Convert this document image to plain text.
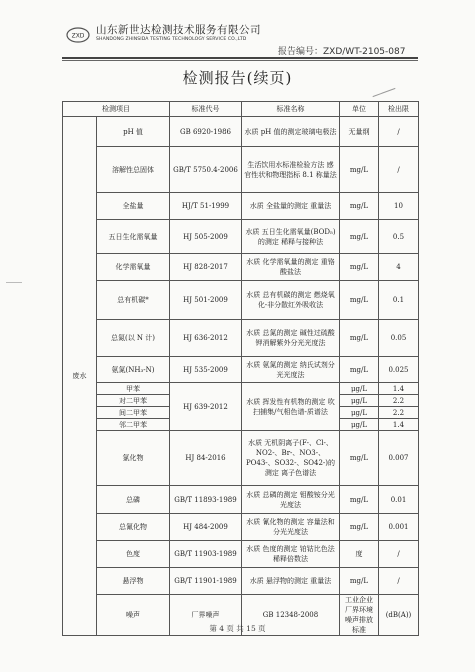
ZXD 山东新世达检测技术服务有限公司
SHANDONG ZHINSIDA TESTING TECHNOLOGY SERVICE CO.,LTD
报告编号：ZXD/WT-2105-087
检测报告(续页)
检测项目		标准代号	标准名称	单位	检出限	
废水	pH 值	GB 6920-1986	水质 pH 值的测定玻璃电极法	无量纲	/	
	溶解性总固体	GB/T 5750.4-2006	生活饮用水标准检验方法 感官性状和物理指标 8.1 称量法	mg/L	/	
	全盐量	HJ/T 51-1999	水质 全盐量的测定 重量法	mg/L	10	
	五日生化需氧量	HJ 505-2009	水质 五日生化需氧量(BOD₅)的测定 稀释与接种法	mg/L	0.5	
	化学需氧量	HJ 828-2017	水质 化学需氧量的测定 重铬酸盐法	mg/L	4	
	总有机碳*	HJ 501-2009	水质 总有机碳的测定 燃烧氧化-非分散红外吸收法	mg/L	0.1	
	总氮(以 N 计)	HJ 636-2012	水质 总氮的测定 碱性过硫酸钾消解紫外分光光度法	mg/L	0.05	
	氨氮(NH₃-N)	HJ 535-2009	水质 氨氮的测定 纳氏试剂分光光度法	mg/L	0.025	
	甲苯	HJ 639-2012	水质 挥发性有机物的测定 吹扫捕集/气相色谱-质谱法	μg/L	1.4	
	对二甲苯			μg/L	2.2	
	间二甲苯			μg/L	2.2	
	邻二甲苯			μg/L	1.4	
	氯化物	HJ 84-2016	水质 无机阴离子(F-、Cl-、NO2-、Br-、NO3-、PO43-、SO32-、SO42-)的测定 离子色谱法	mg/L	0.007	
	总磷	GB/T 11893-1989	水质 总磷的测定 钼酸铵分光光度法	mg/L	0.01	
	总氰化物	HJ 484-2009	水质 氰化物的测定 容量法和分光光度法	mg/L	0.001	
	色度	GB/T 11903-1989	水质 色度的测定 铂钴比色法 稀释倍数法	度	/	
	悬浮物	GB/T 11901-1989	水质 悬浮物的测定 重量法	mg/L	/	
	噪声	厂界噪声	GB 12348-2008	工业企业厂界环境噪声排放标准	(dB(A))	
第 4 页 共 15 页
